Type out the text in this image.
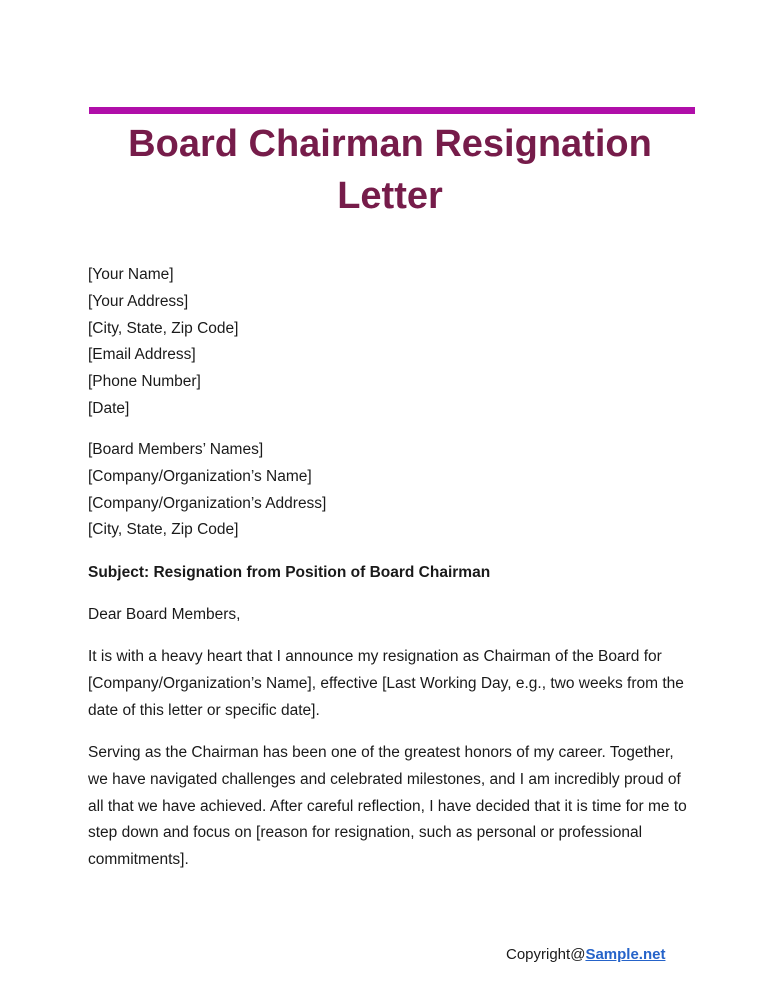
Board Chairman Resignation
Letter
[Your Name]
[Your Address]
[City, State, Zip Code]
[Email Address]
[Phone Number]
[Date]
[Board Members’ Names]
[Company/Organization’s Name]
[Company/Organization’s Address]
[City, State, Zip Code]
Subject: Resignation from Position of Board Chairman
Dear Board Members,
It is with a heavy heart that I announce my resignation as Chairman of the Board for
[Company/Organization’s Name], effective [Last Working Day, e.g., two weeks from the
date of this letter or specific date].
Serving as the Chairman has been one of the greatest honors of my career. Together,
we have navigated challenges and celebrated milestones, and I am incredibly proud of
all that we have achieved. After careful reflection, I have decided that it is time for me to
step down and focus on [reason for resignation, such as personal or professional
commitments].
Copyright@Sample.net
